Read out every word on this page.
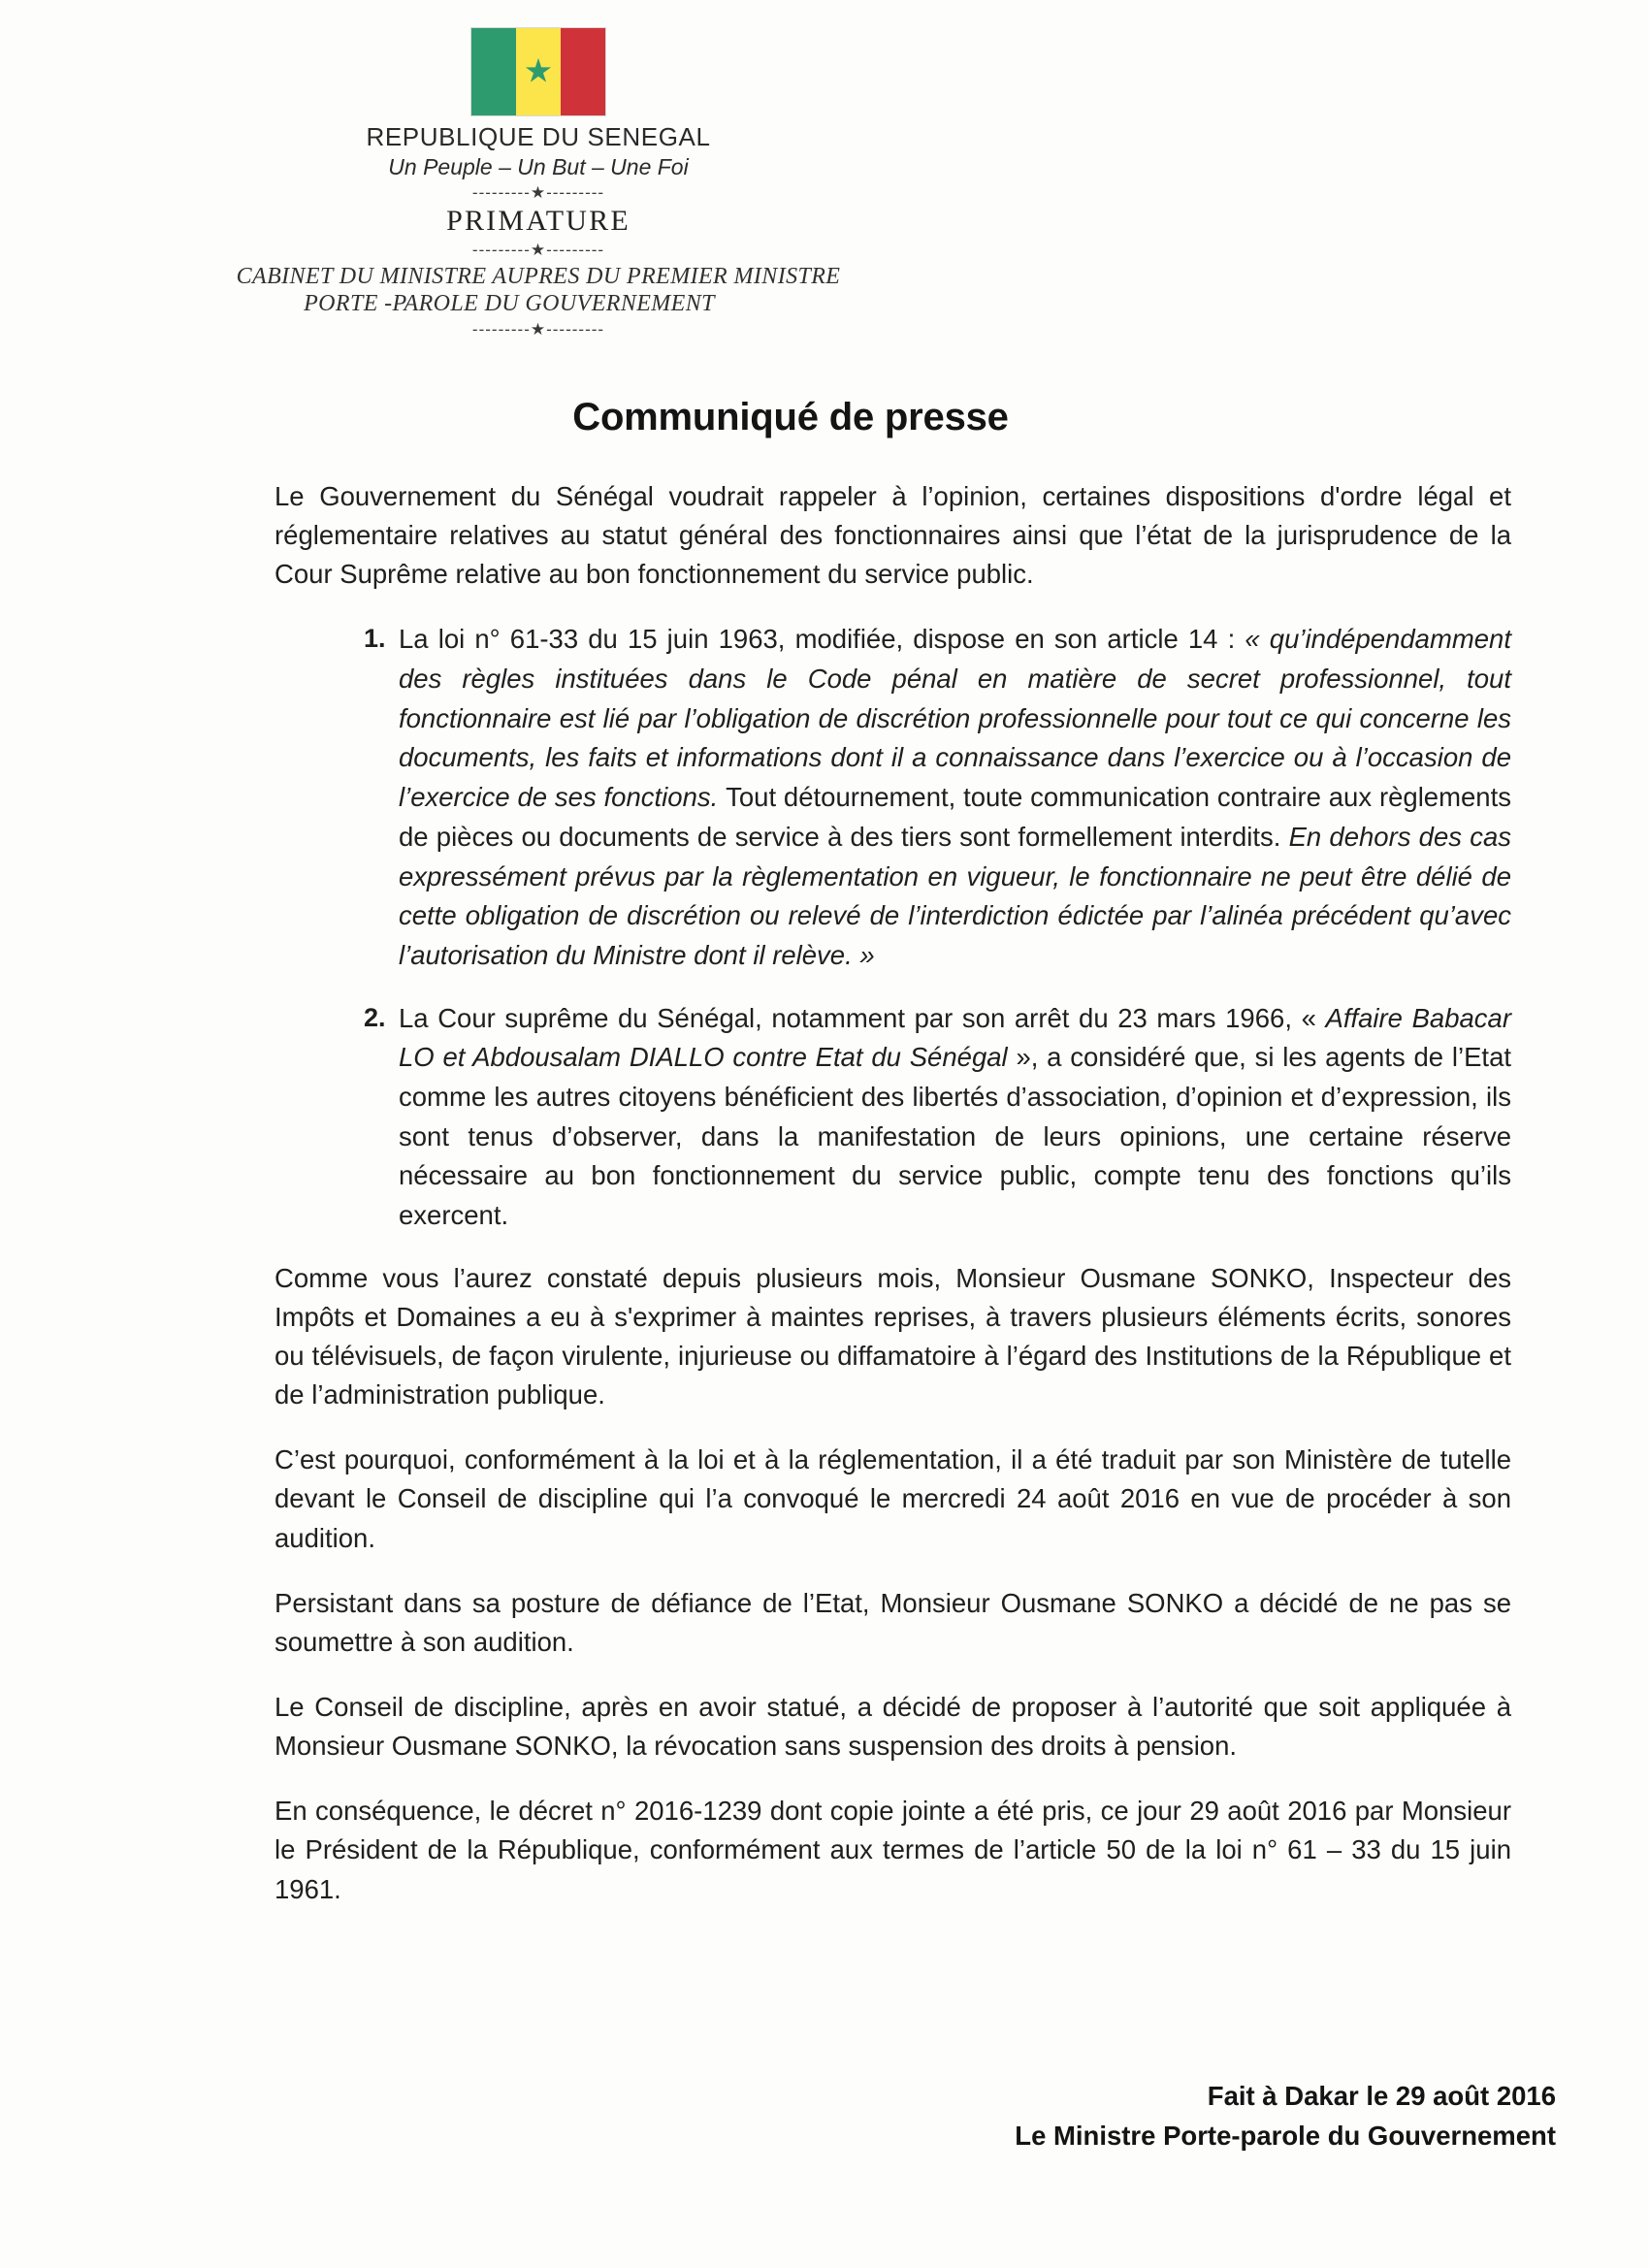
★
REPUBLIQUE DU SENEGAL
Un Peuple – Un But – Une Foi
---------★---------
PRIMATURE
---------★---------
CABINET DU MINISTRE AUPRES DU PREMIER MINISTRE
PORTE -PAROLE DU GOUVERNEMENT
---------★---------
Communiqué de presse

Le Gouvernement du Sénégal voudrait rappeler à l’opinion, certaines dispositions d'ordre légal et réglementaire relatives au statut général des fonctionnaires ainsi que l’état de la jurisprudence de la Cour Suprême relative au bon fonctionnement du service public.

1. La loi n° 61-33 du 15 juin 1963, modifiée, dispose en son article 14 : « qu’indépendamment des règles instituées dans le Code pénal en matière de secret professionnel, tout fonctionnaire est lié par l’obligation de discrétion professionnelle pour tout ce qui concerne les documents, les faits et informations dont il a connaissance dans l’exercice ou à l’occasion de l’exercice de ses fonctions. Tout détournement, toute communication contraire aux règlements de pièces ou documents de service à des tiers sont formellement interdits. En dehors des cas expressément prévus par la règlementation en vigueur, le fonctionnaire ne peut être délié de cette obligation de discrétion ou relevé de l’interdiction édictée par l’alinéa précédent qu’avec l’autorisation du Ministre dont il relève. »
2. La Cour suprême du Sénégal, notamment par son arrêt du 23 mars 1966, « Affaire Babacar LO et Abdousalam DIALLO contre Etat du Sénégal », a considéré que, si les agents de l’Etat comme les autres citoyens bénéficient des libertés d’association, d’opinion et d’expression, ils sont tenus d’observer, dans la manifestation de leurs opinions, une certaine réserve nécessaire au bon fonctionnement du service public, compte tenu des fonctions qu’ils exercent.

Comme vous l’aurez constaté depuis plusieurs mois, Monsieur Ousmane SONKO, Inspecteur des Impôts et Domaines a eu à s'exprimer à maintes reprises, à travers plusieurs éléments écrits, sonores ou télévisuels, de façon virulente, injurieuse ou diffamatoire à l’égard des Institutions de la République et de l’administration publique.

C’est pourquoi, conformément à la loi et à la réglementation, il a été traduit par son Ministère de tutelle devant le Conseil de discipline qui l’a convoqué le mercredi 24 août 2016 en vue de procéder à son audition.

Persistant dans sa posture de défiance de l’Etat, Monsieur Ousmane SONKO a décidé de ne pas se soumettre à son audition.

Le Conseil de discipline, après en avoir statué, a décidé de proposer à l’autorité que soit appliquée à Monsieur Ousmane SONKO, la révocation sans suspension des droits à pension.

En conséquence, le décret n° 2016-1239 dont copie jointe a été pris, ce jour 29 août 2016 par Monsieur le Président de la République, conformément aux termes de l’article 50 de la loi n° 61 – 33 du 15 juin 1961.

Fait à Dakar le 29 août 2016
Le Ministre Porte-parole du Gouvernement
